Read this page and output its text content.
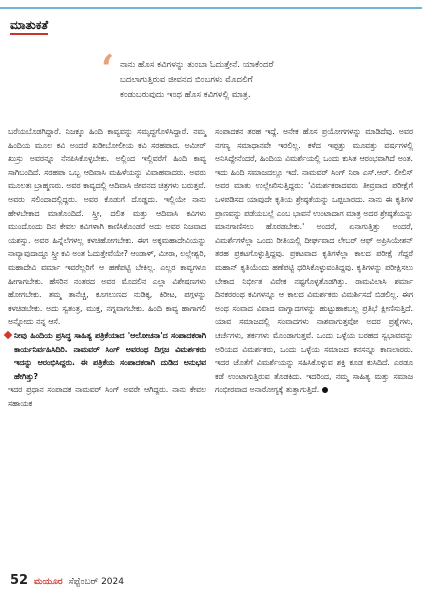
ಮಾತುಕತೆ
‘ ನಾನು ಹೊಸ ಕವಿಗಳನ್ನು ತುಂಬಾ ಓದುತ್ತೇನೆ. ಯಾಕೆಂದರೆ
ಬದಲಾಗುತ್ತಿರುವ ಜೀವನದ ಬಿಂಬಗಳು ಮೊದಲಿಗೆ
ಕಂಡುಬರುವುದು ಇಂಥ ಹೊಸ ಕವಿಗಳಲ್ಲಿ ಮಾತ್ರ.

ಬರೆಯಬೊಡಗಿದ್ದಾರೆ. ನಿಜಕ್ಕೂ ಹಿಂದಿ ಕಾವ್ಯವನ್ನು ಸಮೃದ್ಧಗೊಳಿಸಿದ್ದಾರೆ. ನಮ್ಮ ಹಿಂದಿಯ ಮೂಲ ಕವಿ ಅಂದರೆ ಖಡೀಬೋಲೀಯ ಕವಿ ಸರಹಪಾದ. ಅಮೀರ್ ಖುಸ್ರು ಅವರನ್ನೂ ನೆನಪಿಸಿಕೊಳ್ಳಬೇಕು. ಅಲ್ಲಿಂದ ಇಲ್ಲಿವರೆಗೆ ಹಿಂದಿ ಕಾವ್ಯ ಸಾಗಿಬಂದಿದೆ. ಸರಹಪಾ ಒಬ್ಬ ಆದಿವಾಸಿ ಮಹಿಳೆಯನ್ನು ವಿವಾಹವಾದರು. ಅವರು ಮೂಲತಃ ಬ್ರಾಹ್ಮಣರು. ಅವರ ಕಾವ್ಯದಲ್ಲಿ ಆದಿವಾಸಿ ಜೀವನದ ಚಿತ್ರಗಳು ಬರುತ್ತವೆ. ಅವರು ಸಲಿಂದಾದಲ್ಲಿದ್ದರು. ಅವರ ಕೊಡುಗೆ ದೊಡ್ಡದು. ಇಲ್ಲಿಯೇ ನಾನು ಹೇಳಬೇಕಾದ ಮಾತೊಂದಿದೆ. ಸ್ತ್ರೀ, ದಲಿತ ಮತ್ತು ಆದಿವಾಸಿ ಕವಿಗಳು ಮುಂದೊಂದು ದಿನ ಕೇವಲ ಕವಿಗಳಾಗಿ ಕಾಣಿಸಿಕೊಂಡರೆ ಅದು ಅವರ ನಿಜವಾದ ಯಶಸ್ಸು. ಅವರ ಹಿನ್ನೆಲೆಗಳಲ್ಲ ಕಳಚಿಹೋಗಬೇಕು. ಈಗ ಅಕ್ಕಮಹಾದೇವಿಯನ್ನು ನಾವ್ಯಾವುದಾದ್ದೂ ಸ್ತ್ರೀ ಕವಿ ಅಂತ ಓದುತ್ತೇವೆಯೇ? ಆಂಡಾಳ್, ಮೀರಾ, ಲಲ್ಲೇಶ್ವರಿ, ಮಹಾದೇವಿ ವರ್ಮಾ ಇವರೆಲ್ಲರಿಗೆ ಆ ಹಣೆಪಟ್ಟಿ ಬೇಕಿಲ್ಲ. ಎಲ್ಲರ ಕಾವ್ಯಗಳೂ ಹೀಗಾಗಬೇಕು. ಹೆಸರಿನ ನಂತರದ ಅವರ ಮೊದಲಿನ ಎಲ್ಲಾ ವಿಶೇಷಣಗಳು ಹೋಗಬೇಕು. ತಮ್ಮ ತಾನೆಚ್ಚ, ಕೂಗಲುಣದ ನುಡಿಕ್ಕ, ಕಿರೀಟ, ಪಗ್ಗಳನ್ನು ಕಳಚಿಡಬೇಕು. ಅದು ಸ್ವತಂತ್ರ, ಮುಕ್ತ, ನಗ್ನವಾಗಬೇಕು. ಹಿಂದಿ ಕಾವ್ಯ ಹಾಗಾಗಲಿ ಅನ್ನೋದು ನನ್ನ ಆಸೆ.

ನೀವು ಹಿಂದಿಯ ಪ್ರಸಿದ್ಧ ಸಾಹಿತ್ಯ ಪತ್ರಿಕೆಯಾದ 'ಆಲೋಚನಾ'ದ ಸಂಪಾದಕರಾಗಿ ಕಾರ್ಯನಿರ್ವಹಿಸಿದಿರಿ. ನಾಮವರ್ ಸಿಂಗ್ ಅವರಂಥ ದಿಗ್ಗಜ ವಿಮರ್ಶಕರು ಇದನ್ನು ಆರಂಭಿಸಿದ್ದರು. ಈ ಪತ್ರಿಕೆಯ ಸಂಪಾದಕರಾಗಿ ದುಡಿದ ಅನುಭವ ಹೇಗಿತ್ತು?

ಇದರ ಪ್ರಧಾನ ಸಂಪಾದಕ ನಾಮವರ್ ಸಿಂಗ್ ಅವರೇ ಆಗಿದ್ದರು. ನಾನು ಕೇವಲ ಸಹಾಯಕ

ಸಂಪಾದಕನ ತರಹ ಇದ್ದೆ. ಅನೇಕ ಹೊಸ ಪ್ರಯೋಗಗಳನ್ನು ಮಾಡಿದೆವು. ಅವರ ನಗಣ್ಯ ಸಮಾಧಾನವೇ ಇರಲಿಲ್ಲ. ಕಳೆದ ಇಪ್ಪತ್ತು ಮೂವತ್ತು ವರ್ಷಗಳಲ್ಲಿ ಅನಿಸಿದ್ದೇನೆಂದರೆ, ಹಿಂದಿಯ ವಿಮರ್ಶೆಯಲ್ಲಿ ಒಂದು ಕುಸಿತ ಆರಂಭವಾಗಿದೆ ಅಂತ. ಇದು ಹಿಂದಿ ಸಮಾಜದಲ್ಲೂ ಇದೆ. ನಾಮವರ್ ಸಿಂಗ್ ನಿರಾ ಎಸ್.ಆರ್. ಲೀಲಿಸ್ ಅವರ ಮಾತು ಉಲ್ಲೇಖಿಸುತ್ತಿದ್ದರು: 'ವಿಮರ್ಶಕರಾದವರು ತೀವ್ರವಾದ ಪರೀಕ್ಷೆಗೆ ಒಳಪಡಿಸದ ಯಾವುದೇ ಕೃತಿಯ ಶ್ರೇಷ್ಠತೆಯನ್ನು ಒಪ್ಪಬಾರದು. ನಾನು ಈ ಕೃತಿಗಳ ಪ್ರಾಣವನ್ನು ಪಡೆಯಬಲ್ಲೆ ಎಂಬ ಭಾವನೆ ಉಂಟಾದಾಗ ಮಾತ್ರ ಅದರ ಶ್ರೇಷ್ಠತೆಯನ್ನು ಮಾನಗಾಣಿಸಲು ಹೊರಡಬೇಕು.' ಅಂದರೆ, ಏನಾಗುತ್ತಿತ್ತು ಅಂದರೆ, ವಿಮರ್ಶೆಗಳೆಲ್ಲಾ ಒಂದು ರೀತಿಯಲ್ಲಿ ದೀರ್ಘವಾದ ಲೇಬರ್ ಆಫ್ ಅಪ್ರಿಸಿಯೇಶನ್ ತರಹ ಪ್ರಕಟಗೊಳ್ಳುತ್ತಿದ್ದವು. ಪ್ರಕಟವಾದ ಕೃತಿಗಳೆಲ್ಲಾ ಕಾಲದ ಪರೀಕ್ಷೆ ಗೆದ್ದರೆ ಮಹಾನ್ ಕೃತಿಯೆಂದು ಹಣೆಪಟ್ಟಿ ಧರಿಸಿಕೊಳ್ಳುವಂತಿದ್ದವು. ಕೃತಿಗಳನ್ನು ಪರೀಕ್ಷಿಸಲು ಬೇಕಾದ ನಿರ್ಭೀತ ವಿವೇಕ ನಷ್ಟಗೊಳ್ಳತೊಡಗಿತ್ತು. ರಾಮವಿಲಾಸಿ ಶರ್ಮಾ ದಿನಕರರಂಥ ಕವಿಗಳನ್ನೂ ಆ ಕಾಲದ ವಿಮರ್ಶಕರು ವಿಮರ್ಶಿಸದೆ ಬಿಡಲಿಲ್ಲ. ಈಗ ಅಂಥ ಸಂವಾದ ವಿವಾದ ವಾಗ್ವಾದಗಳನ್ನು ಹುಟ್ಟುಹಾಕಬಲ್ಲ ಪ್ರತಿಭೆ ಕ್ಷೀಣಿಸುತ್ತಿದೆ. ಯಾವ ಸಮಾಜದಲ್ಲಿ ಸಂವಾದಗಳು ನಾಶವಾಗುತ್ತವೋ ಅದರ ಪ್ರಶ್ನೆಗಳು, ಚರ್ಚೆಗಳು, ತರ್ಕಗಳು ಮೊಂಡಾಗುತ್ತವೆ. ಒಂದು ಒಳ್ಳೆಯ ಬರಹದ ಸ್ವಭಾವವನ್ನು ಅರಿಯದ ವಿಮರ್ಶಕರು, ಒಂದು ಒಳ್ಳೆಯ ಸಮಾಜದ ಕನಸನ್ನೂ ಕಾಣಲಾರರು. ಇದರ ಜೊತೆಗೆ ವಿಮರ್ಶೆಯನ್ನು ಸಹಿಸಿಕೊಳ್ಳುವ ಶಕ್ತಿ ಕೂಡ ಕುಸಿದಿದೆ. ಎರಡೂ ಕಡೆ ಉಂಟಾಗುತ್ತಿರುವ ತೊಡಕಿದು. ಇದರಿಂದ, ನಮ್ಮ ಸಾಹಿತ್ಯ ಮತ್ತು ಸಮಾಜ ಗಂಭೀರವಾದ ಅನಾರೋಗ್ಯಕ್ಕೆ ತುತ್ತಾಗುತ್ತಿದೆ.

52 ಮಯೂರ ಸೆಪ್ಟೆಂಬರ್ 2024
